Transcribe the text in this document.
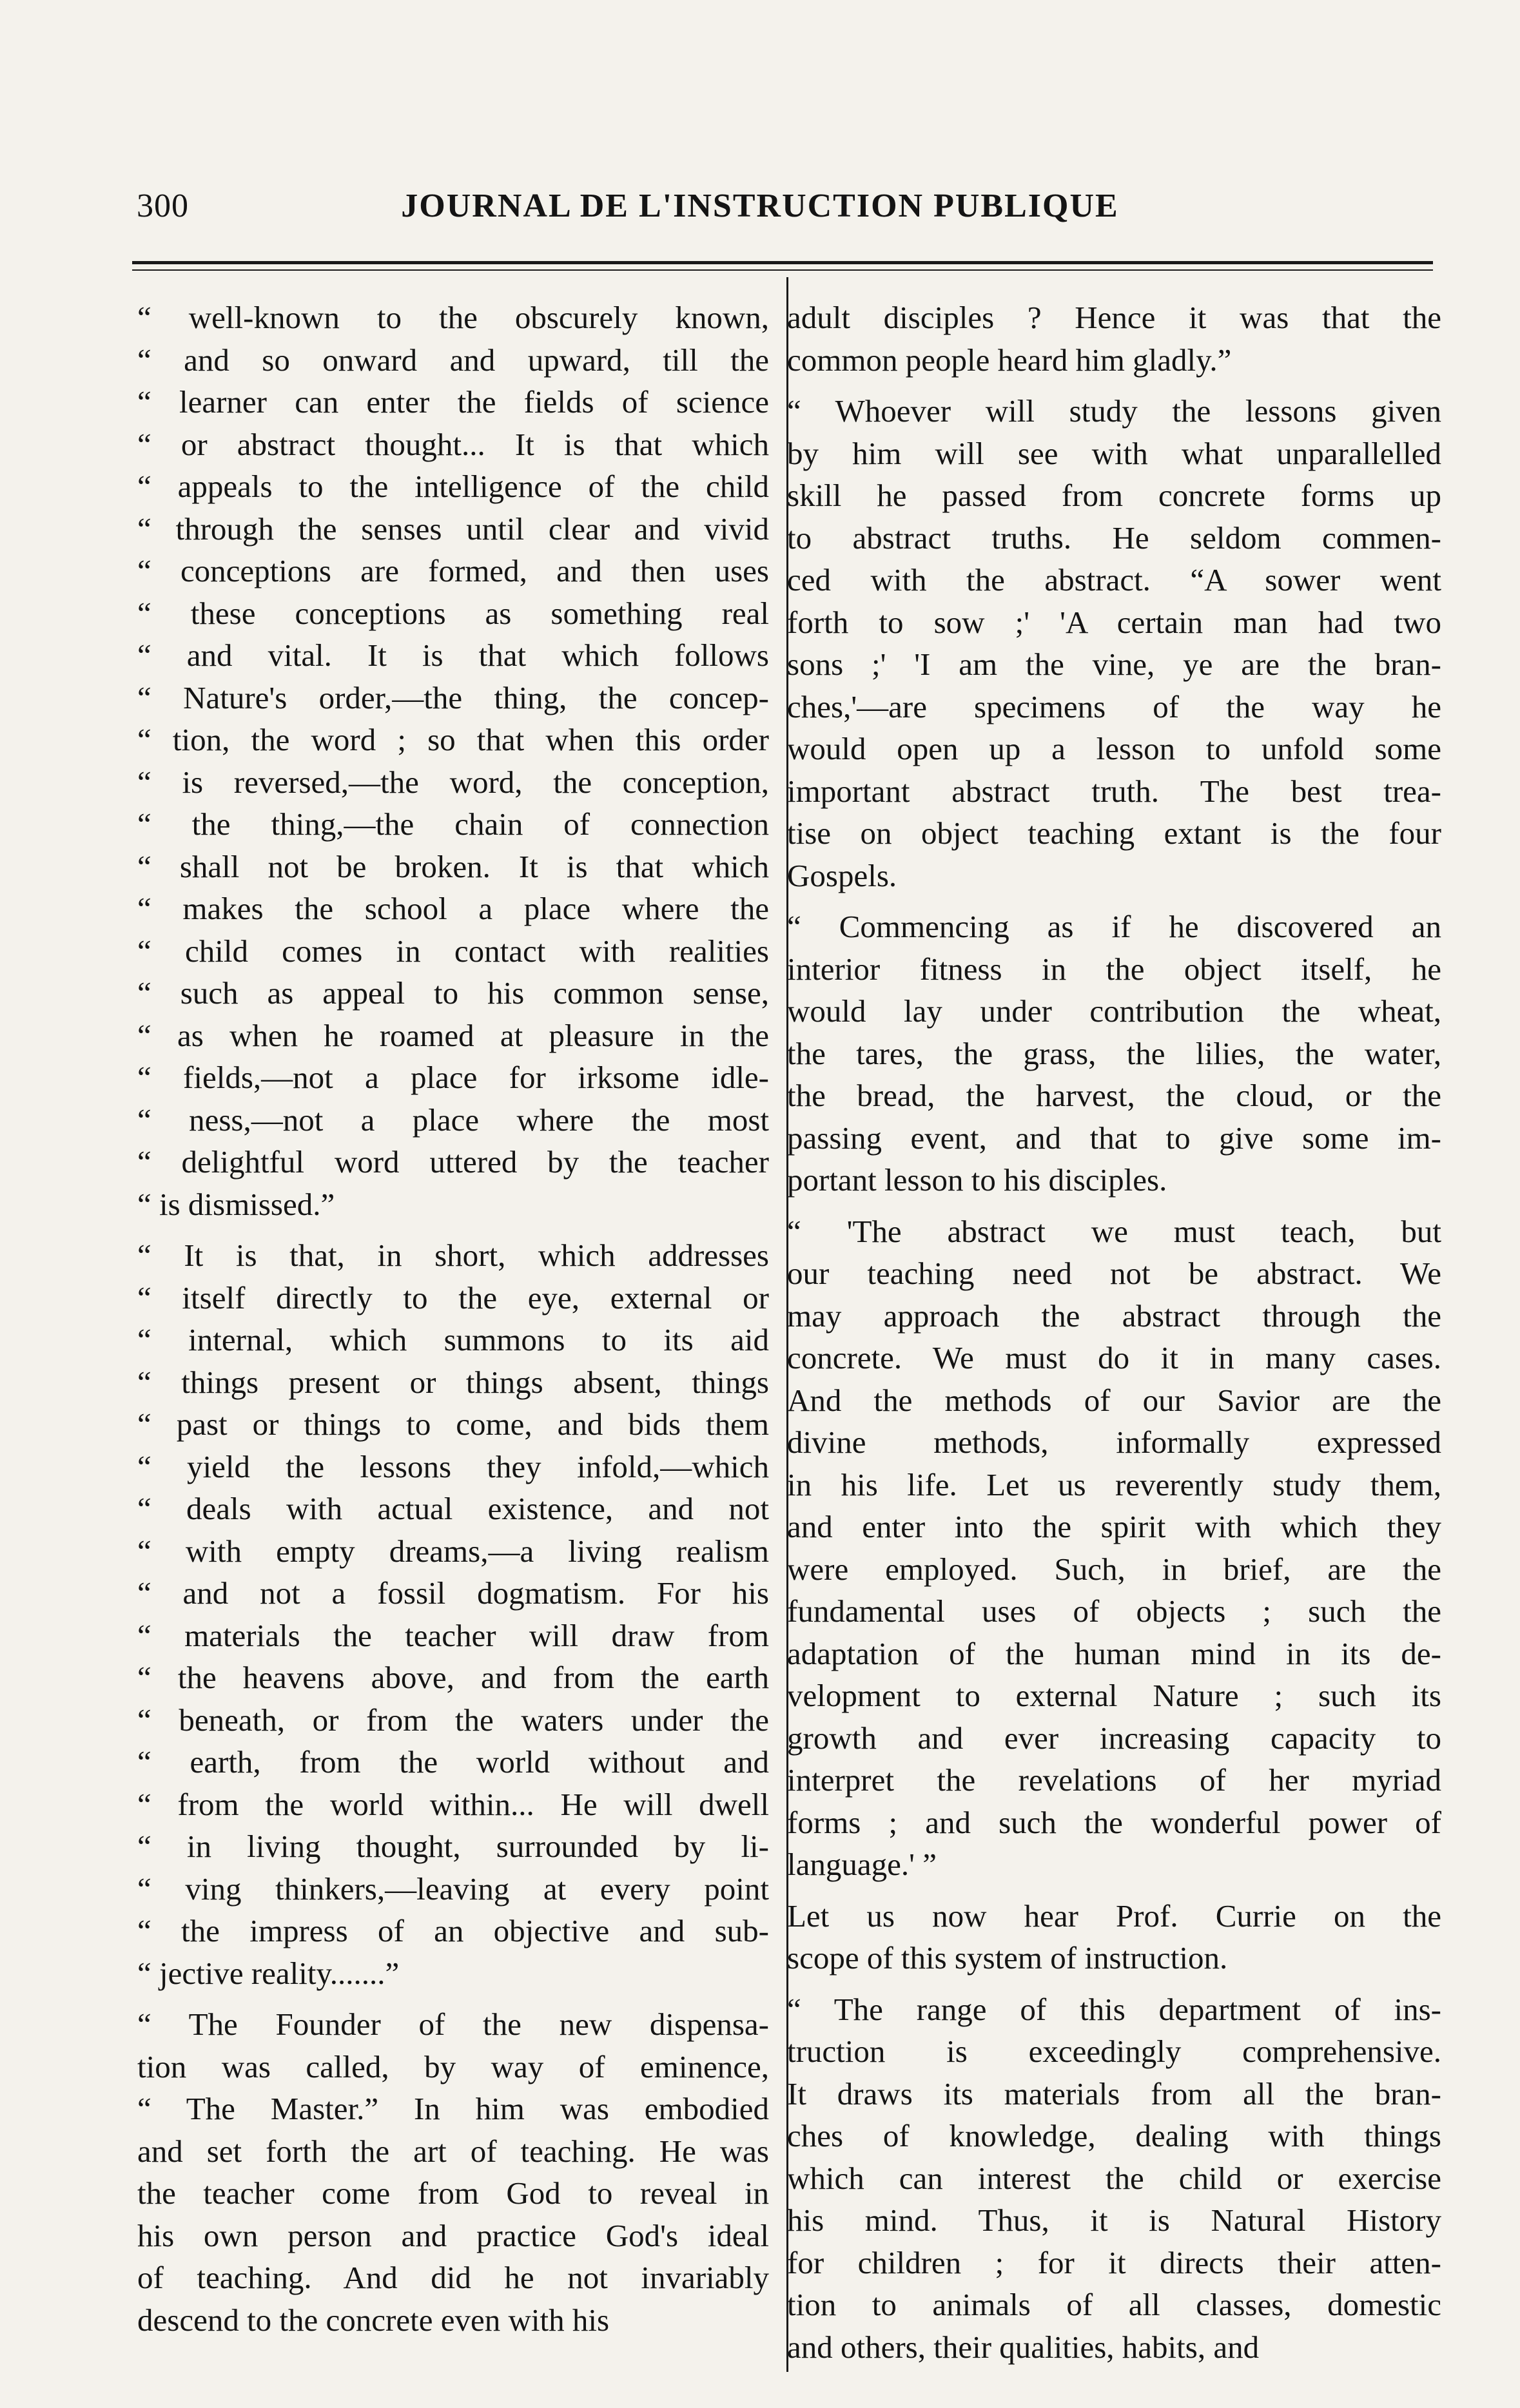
300	JOURNAL DE L'INSTRUCTION PUBLIQUE
“ well-known to the obscurely known,
“ and so onward and upward, till the
“ learner can enter the fields of science
“ or abstract thought... It is that which
“ appeals to the intelligence of the child
“ through the senses until clear and vivid
“ conceptions are formed, and then uses
“ these conceptions as something real
“ and vital. It is that which follows
“ Nature's order,—the thing, the concep-
“ tion, the word ; so that when this order
“ is reversed,—the word, the conception,
“ the thing,—the chain of connection
“ shall not be broken. It is that which
“ makes the school a place where the
“ child comes in contact with realities
“ such as appeal to his common sense,
“ as when he roamed at pleasure in the
“ fields,—not a place for irksome idle-
“ ness,—not a place where the most
“ delightful word uttered by the teacher
“ is dismissed.”
“ It is that, in short, which addresses
“ itself directly to the eye, external or
“ internal, which summons to its aid
“ things present or things absent, things
“ past or things to come, and bids them
“ yield the lessons they infold,—which
“ deals with actual existence, and not
“ with empty dreams,—a living realism
“ and not a fossil dogmatism. For his
“ materials the teacher will draw from
“ the heavens above, and from the earth
“ beneath, or from the waters under the
“ earth, from the world without and
“ from the world within... He will dwell
“ in living thought, surrounded by li-
“ ving thinkers,—leaving at every point
“ the impress of an objective and sub-
“ jective reality.......”
“ The Founder of the new dispensa-
tion was called, by way of eminence,
“ The Master.” In him was embodied
and set forth the art of teaching. He was
the teacher come from God to reveal in
his own person and practice God's ideal
of teaching. And did he not invariably
descend to the concrete even with his
adult disciples ? Hence it was that the
common people heard him gladly.”
“ Whoever will study the lessons given
by him will see with what unparallelled
skill he passed from concrete forms up
to abstract truths. He seldom commen-
ced with the abstract. “A sower went
forth to sow ;' 'A certain man had two
sons ;' 'I am the vine, ye are the bran-
ches,'—are specimens of the way he
would open up a lesson to unfold some
important abstract truth. The best trea-
tise on object teaching extant is the four
Gospels.
“ Commencing as if he discovered an
interior fitness in the object itself, he
would lay under contribution the wheat,
the tares, the grass, the lilies, the water,
the bread, the harvest, the cloud, or the
passing event, and that to give some im-
portant lesson to his disciples.
“ 'The abstract we must teach, but
our teaching need not be abstract. We
may approach the abstract through the
concrete. We must do it in many cases.
And the methods of our Savior are the
divine methods, informally expressed
in his life. Let us reverently study them,
and enter into the spirit with which they
were employed. Such, in brief, are the
fundamental uses of objects ; such the
adaptation of the human mind in its de-
velopment to external Nature ; such its
growth and ever increasing capacity to
interpret the revelations of her myriad
forms ; and such the wonderful power of
language.' ”
Let us now hear Prof. Currie on the
scope of this system of instruction.
“ The range of this department of ins-
truction is exceedingly comprehensive.
It draws its materials from all the bran-
ches of knowledge, dealing with things
which can interest the child or exercise
his mind. Thus, it is Natural History
for children ; for it directs their atten-
tion to animals of all classes, domestic
and others, their qualities, habits, and
